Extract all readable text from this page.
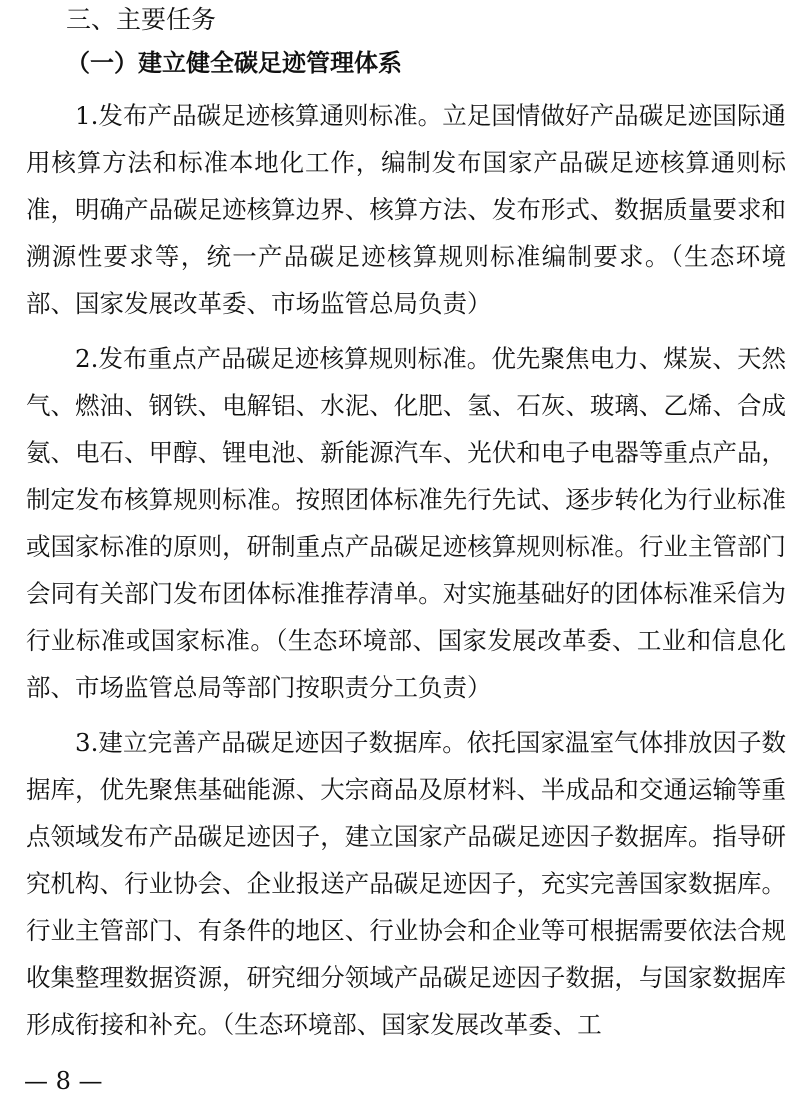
三、主要任务
（一）建立健全碳足迹管理体系

1.发布产品碳足迹核算通则标准。立足国情做好产品碳足迹国际通用核算方法和标准本地化工作，编制发布国家产品碳足迹核算通则标准，明确产品碳足迹核算边界、核算方法、发布形式、数据质量要求和溯源性要求等，统一产品碳足迹核算规则标准编制要求。（生态环境部、国家发展改革委、市场监管总局负责）

2.发布重点产品碳足迹核算规则标准。优先聚焦电力、煤炭、天然气、燃油、钢铁、电解铝、水泥、化肥、氢、石灰、玻璃、乙烯、合成氨、电石、甲醇、锂电池、新能源汽车、光伏和电子电器等重点产品，制定发布核算规则标准。按照团体标准先行先试、逐步转化为行业标准或国家标准的原则，研制重点产品碳足迹核算规则标准。行业主管部门会同有关部门发布团体标准推荐清单。对实施基础好的团体标准采信为行业标准或国家标准。（生态环境部、国家发展改革委、工业和信息化部、市场监管总局等部门按职责分工负责）

3.建立完善产品碳足迹因子数据库。依托国家温室气体排放因子数据库，优先聚焦基础能源、大宗商品及原材料、半成品和交通运输等重点领域发布产品碳足迹因子，建立国家产品碳足迹因子数据库。指导研究机构、行业协会、企业报送产品碳足迹因子，充实完善国家数据库。行业主管部门、有条件的地区、行业协会和企业等可根据需要依法合规收集整理数据资源，研究细分领域产品碳足迹因子数据，与国家数据库形成衔接和补充。（生态环境部、国家发展改革委、工

— 8 —
